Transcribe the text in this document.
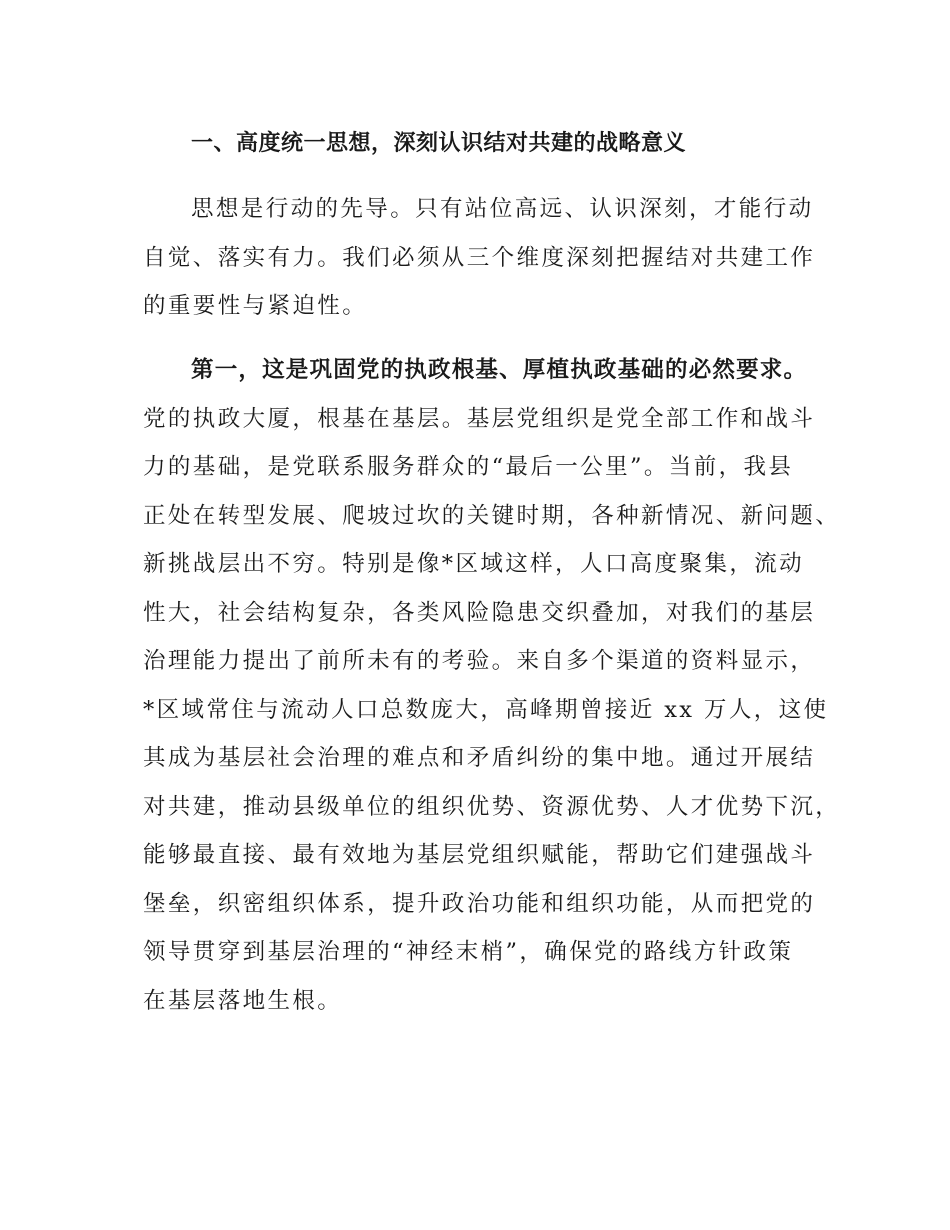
一、高度统一思想，深刻认识结对共建的战略意义
思想是行动的先导。只有站位高远、认识深刻，才能行动
自觉、落实有力。我们必须从三个维度深刻把握结对共建工作
的重要性与紧迫性。
第一，这是巩固党的执政根基、厚植执政基础的必然要求。
党的执政大厦，根基在基层。基层党组织是党全部工作和战斗
力的基础，是党联系服务群众的“最后一公里”。当前，我县
正处在转型发展、爬坡过坎的关键时期，各种新情况、新问题、
新挑战层出不穷。特别是像*区域这样，人口高度聚集，流动
性大，社会结构复杂，各类风险隐患交织叠加，对我们的基层
治理能力提出了前所未有的考验。来自多个渠道的资料显示，
*区域常住与流动人口总数庞大，高峰期曾接近 xx 万人，这使
其成为基层社会治理的难点和矛盾纠纷的集中地。通过开展结
对共建，推动县级单位的组织优势、资源优势、人才优势下沉，
能够最直接、最有效地为基层党组织赋能，帮助它们建强战斗
堡垒，织密组织体系，提升政治功能和组织功能，从而把党的
领导贯穿到基层治理的“神经末梢”，确保党的路线方针政策
在基层落地生根。
